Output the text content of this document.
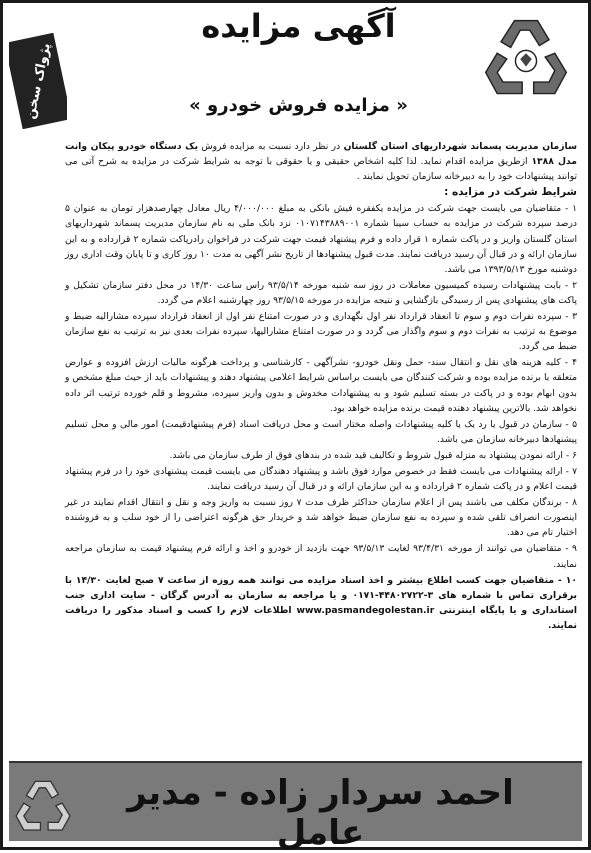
پژواک سخن
آگهی مزایده
« مزایده فروش خودرو »

سازمان مدیریت پسماند شهرداریهای استان گلستان در نظر دارد نسبت به مزایده فروش یک دستگاه خودرو پیکان وانت مدل ۱۳۸۸ ازطریق مزایده اقدام نماید. لذا کلیه اشخاص حقیقی و یا حقوقی با توجه به شرایط شرکت در مزایده به شرح آتی می توانند پیشنهادات خود را به دبیرخانه سازمان تحویل نمایند .

شرایط شرکت در مزایده :

۱ - متقاضیان می بایست جهت شرکت در مزایده یکفقره فیش بانکی به مبلغ ۴/۰۰۰/۰۰۰ ریال معادل چهارصدهزار تومان به عنوان ۵ درصد سپرده شرکت در مزایده به حساب سیبا شماره ۰۱۰۷۱۴۳۸۸۹۰۰۱ نزد بانک ملی به نام سازمان مدیریت پسماند شهرداریهای استان گلستان واریز و در پاکت شماره ۱ قرار داده و فرم پیشنهاد قیمت جهت شرکت در فراخوان رادرپاکت شماره ۲ قرارداده و به این سازمان ارائه و در قبال آن رسید دریافت نمایند. مدت قبول پیشنهادها از تاریخ نشر آگهی به مدت ۱۰ روز کاری و تا پایان وقت اداری روز دوشنبه مورخ ۱۳۹۳/۵/۱۳ می باشد.

۲ - بابت پیشنهادات رسیده کمیسیون معاملات در روز سه شنبه مورخه ۹۳/۵/۱۴ راس ساعت ۱۴/۳۰ در محل دفتر سازمان تشکیل و پاکت های پیشنهادی پس از رسیدگی بازگشایی و نتیجه مزایده در مورخه ۹۳/۵/۱۵ روز چهارشنبه اعلام می گردد.

۳ - سپرده نفرات دوم و سوم تا انعقاد قرارداد نفر اول نگهداری و در صورت امتناع نفر اول از انعقاد قرارداد سپرده مشارالیه ضبط و موضوع به ترتیب به نفرات دوم و سوم واگذار می گردد و در صورت امتناع مشارالیها، سپرده نفرات بعدی نیز به ترتیب به نفع سازمان ضبط می گردد.

۴ - کلیه هزینه های نقل و انتقال سند- حمل ونقل خودرو- نشرآگهی - کارشناسی و پرداخت هرگونه مالیات ارزش افزوده و عوارض متعلقه با برنده مزایده بوده و شرکت کنندگان می بایست براساس شرایط اعلامی پیشنهاد دهند و پیشنهادات باید از حیث مبلغ مشخص و بدون ابهام بوده و در پاکت در بسته تسلیم شود و به پیشنهادات مخدوش و بدون واریز سپرده، مشروط و قلم خورده ترتیب اثر داده نخواهد شد. بالاترین پیشنهاد دهنده قیمت برنده مزایده خواهد بود.

۵ - سازمان در قبول یا رد یک یا کلیه پیشنهادات واصله مختار است و محل دریافت اسناد (فرم پیشنهادقیمت) امور مالی و محل تسلیم پیشنهادها دبیرخانه سازمان می باشد.

۶ - ارائه نمودن پیشنهاد به منزله قبول شروط و تکالیف قید شده در بندهای فوق از طرف سازمان می باشد.

۷ - ارائه پیشنهادات می بایست فقط در خصوص موارد فوق باشد و پیشنهاد دهندگان می بایست قیمت پیشنهادی خود را در فرم پیشنهاد قیمت اعلام و در پاکت شماره ۲ قرارداده و به این سازمان ارائه و در قبال آن رسید دریافت نمایند.

۸ - برندگان مکلف می باشند پس از اعلام سازمان حداکثر ظرف مدت ۷ روز نسبت به واریز وجه و نقل و انتقال اقدام نمایند در غیر اینصورت انصراف تلقی شده و سپرده به نفع سازمان ضبط خواهد شد و خریدار حق هرگونه اعتراضی را از خود سلب و به فروشنده اختیار تام می دهد.

۹ - متقاضیان می توانند از مورخه ۹۳/۴/۳۱ لغایت ۹۳/۵/۱۳ جهت بازدید از خودرو و اخذ و ارائه فرم پیشنهاد قیمت به سازمان مراجعه نمایند.

۱۰ - متقاضیان جهت کسب اطلاع بیشتر و اخذ اسناد مزایده می توانند همه روزه از ساعت ۷ صبح لغایت ۱۴/۳۰ با برقراری تماس با شماره های ۳-۴۴۸۰۲۷۲۲-۰۱۷۱ و یا مراجعه به سازمان به آدرس گرگان - سایت اداری جنب استانداری و یا پایگاه اینترنتی www.pasmandegolestan.ir اطلاعات لازم را کسب و اسناد مذکور را دریافت نمایند.

احمد سردار زاده - مدیر عامل
